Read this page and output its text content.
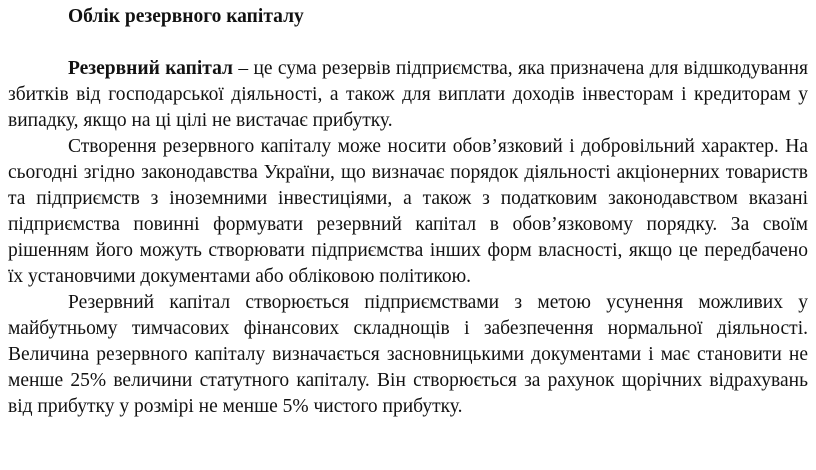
Облік резервного капіталу

Резервний капітал – це сума резервів підприємства, яка призначена для відшкодування збитків від господарської діяльності, а також для виплати доходів інвесторам і кредиторам у випадку, якщо на ці цілі не вистачає прибутку.

Створення резервного капіталу може носити обов’язковий і добровільний характер. На сьогодні згідно законодавства України, що визначає порядок діяльності акціонерних товариств та підприємств з іноземними інвестиціями, а також з податковим законодавством вказані підприємства повинні формувати резервний капітал в обов’язковому порядку. За своїм рішенням його можуть створювати підприємства інших форм власності, якщо це передбачено їх установчими документами або обліковою політикою.

Резервний капітал створюється підприємствами з метою усунення можливих у майбутньому тимчасових фінансових складнощів і забезпечення нормальної діяльності. Величина резервного капіталу визначається засновницькими документами і має становити не менше 25% величини статутного капіталу. Він створюється за рахунок щорічних відрахувань від прибутку у розмірі не менше 5% чистого прибутку.
